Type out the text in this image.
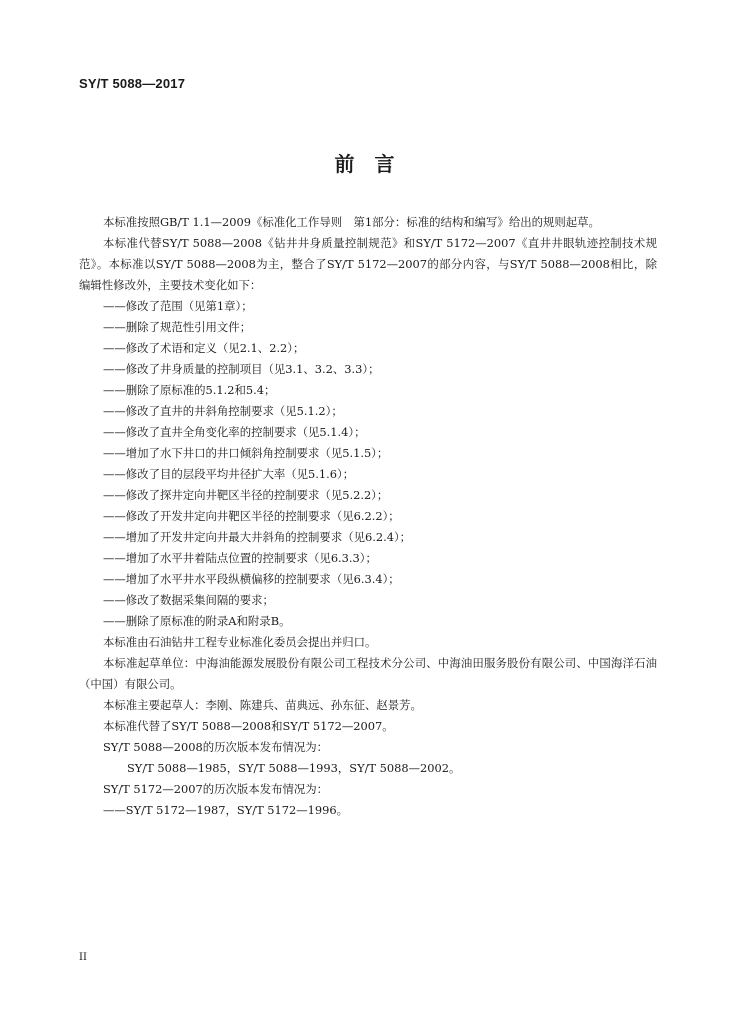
SY/T 5088—2017
前　言

本标准按照GB/T 1.1—2009《标准化工作导则　第1部分：标准的结构和编写》给出的规则起草。

本标准代替SY/T 5088—2008《钻井井身质量控制规范》和SY/T 5172—2007《直井井眼轨迹控制技术规范》。本标准以SY/T 5088—2008为主，整合了SY/T 5172—2007的部分内容，与SY/T 5088—2008相比，除编辑性修改外，主要技术变化如下：

——修改了范围（见第1章）；

——删除了规范性引用文件；

——修改了术语和定义（见2.1、2.2）；

——修改了井身质量的控制项目（见3.1、3.2、3.3）；

——删除了原标准的5.1.2和5.4；

——修改了直井的井斜角控制要求（见5.1.2）；

——修改了直井全角变化率的控制要求（见5.1.4）；

——增加了水下井口的井口倾斜角控制要求（见5.1.5）；

——修改了目的层段平均井径扩大率（见5.1.6）；

——修改了探井定向井靶区半径的控制要求（见5.2.2）；

——修改了开发井定向井靶区半径的控制要求（见6.2.2）；

——增加了开发井定向井最大井斜角的控制要求（见6.2.4）；

——增加了水平井着陆点位置的控制要求（见6.3.3）；

——增加了水平井水平段纵横偏移的控制要求（见6.3.4）；

——修改了数据采集间隔的要求；

——删除了原标准的附录A和附录B。

本标准由石油钻井工程专业标准化委员会提出并归口。

本标准起草单位：中海油能源发展股份有限公司工程技术分公司、中海油田服务股份有限公司、中国海洋石油（中国）有限公司。

本标准主要起草人：李刚、陈建兵、苗典远、孙东征、赵景芳。

本标准代替了SY/T 5088—2008和SY/T 5172—2007。

SY/T 5088—2008的历次版本发布情况为：

SY/T 5088—1985，SY/T 5088—1993，SY/T 5088—2002。

SY/T 5172—2007的历次版本发布情况为：

——SY/T 5172—1987，SY/T 5172—1996。

II
